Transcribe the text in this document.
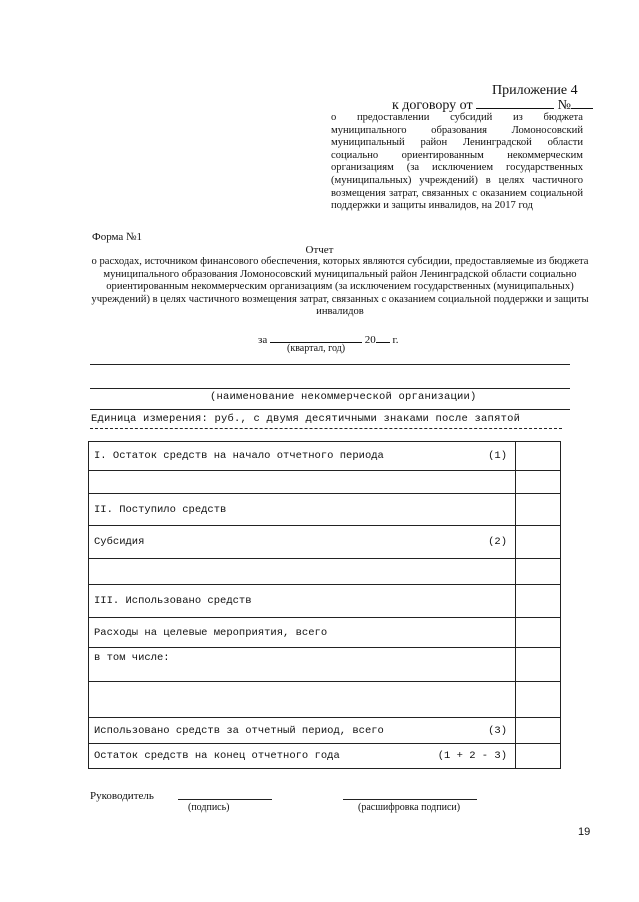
Приложение 4
к договору от	№
о предоставлении субсидий из бюджета муниципального образования Ломоносовский муниципальный район Ленинградской области социально ориентированным некоммерческим организациям (за исключением государственных (муниципальных) учреждений) в целях частичного возмещения затрат, связанных с оказанием социальной поддержки и защиты инвалидов, на 2017 год
Форма №1
Отчет
о расходах, источником финансового обеспечения, которых являются субсидии, предоставляемые из бюджета муниципального образования Ломоносовский муниципальный район Ленинградской области социально ориентированным некоммерческим организациям (за исключением государственных (муниципальных) учреждений) в целях частичного возмещения затрат, связанных с оказанием социальной поддержки и защиты инвалидов
за	20 г.
(квартал, год)
(наименование некоммерческой организации)
Единица измерения: руб., с двумя десятичными знаками после запятой
I. Остаток средств на начало отчетного периода (1)	

II. Поступило средств	

Субсидия (2)	

III. Использовано средств	

Расходы на целевые мероприятия, всего	

в том числе:	

Использовано средств за отчетный период, всего (3)	

Остаток средств на конец отчетного года (1 + 2 - 3)	

Руководитель
(подпись)	(расшифровка подписи)
19
